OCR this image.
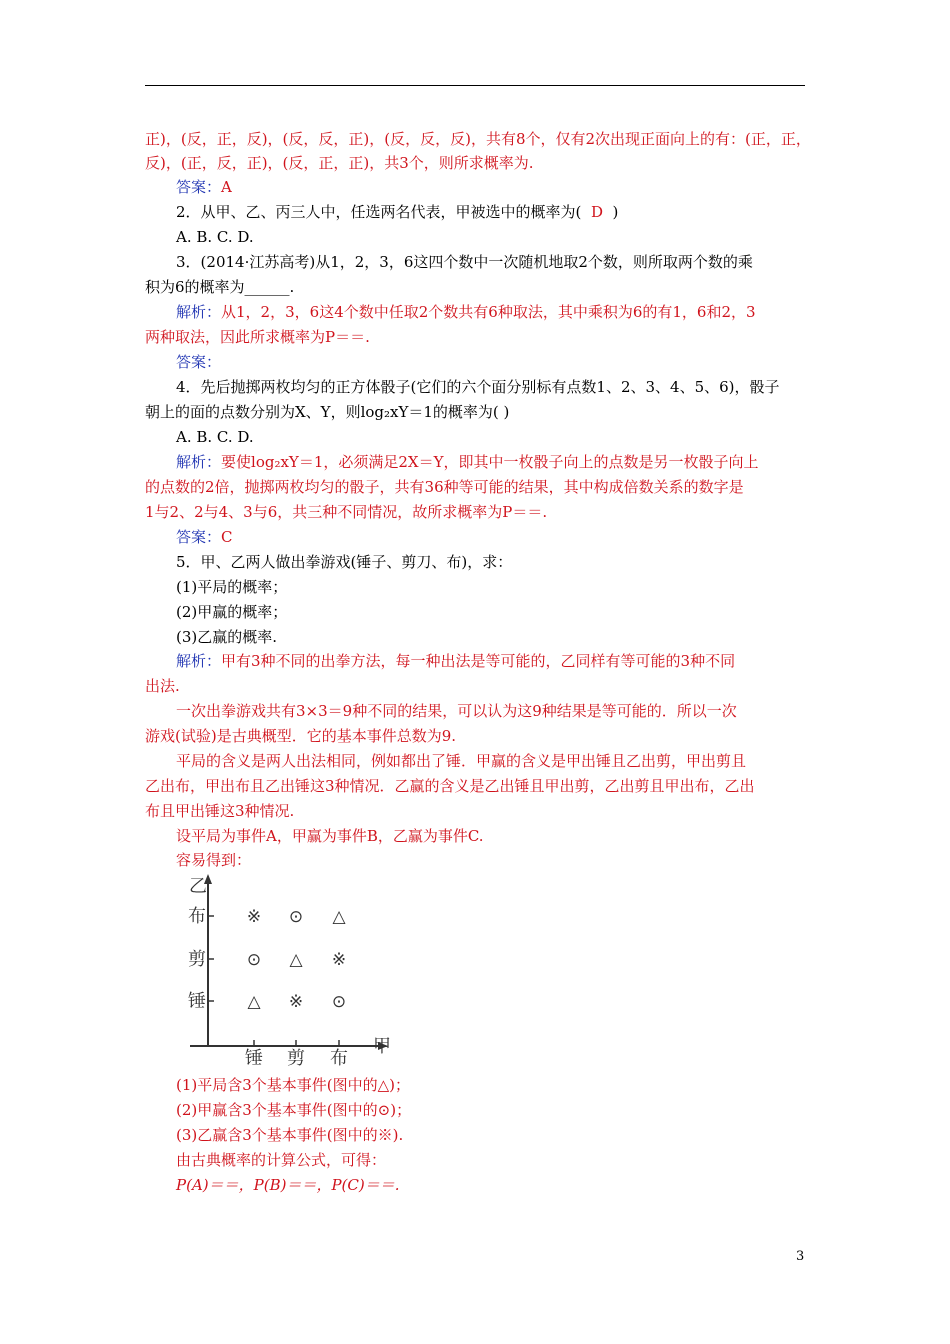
正)，(反，正，反)，(反，反，正)，(反，反，反)，共有8个，仅有2次出现正面向上的有：(正，正，
反)，(正，反，正)，(反，正，正)，共3个，则所求概率为.
答案：A
2．从甲、乙、丙三人中，任选两名代表，甲被选中的概率为( D )
A. B. C. D.
3．(2014·江苏高考)从1，2，3，6这四个数中一次随机地取2个数，则所取两个数的乘
积为6的概率为______.
解析：从1，2，3，6这4个数中任取2个数共有6种取法，其中乘积为6的有1，6和2，3
两种取法，因此所求概率为P＝＝.
答案：
4．先后抛掷两枚均匀的正方体骰子(它们的六个面分别标有点数1、2、3、4、5、6)，骰子
朝上的面的点数分别为X、Y，则log₂xY＝1的概率为( )
A. B. C. D.
解析：要使log₂xY＝1，必须满足2X＝Y，即其中一枚骰子向上的点数是另一枚骰子向上
的点数的2倍，抛掷两枚均匀的骰子，共有36种等可能的结果，其中构成倍数关系的数字是
1与2、2与4、3与6，共三种不同情况，故所求概率为P＝＝.
答案：C
5．甲、乙两人做出拳游戏(锤子、剪刀、布)，求：
(1)平局的概率；
(2)甲赢的概率；
(3)乙赢的概率.
解析：甲有3种不同的出拳方法，每一种出法是等可能的，乙同样有等可能的3种不同
出法.
一次出拳游戏共有3×3＝9种不同的结果，可以认为这9种结果是等可能的．所以一次
游戏(试验)是古典概型．它的基本事件总数为9.
平局的含义是两人出法相同，例如都出了锤．甲赢的含义是甲出锤且乙出剪，甲出剪且
乙出布，甲出布且乙出锤这3种情况．乙赢的含义是乙出锤且甲出剪，乙出剪且甲出布，乙出
布且甲出锤这3种情况.
设平局为事件A，甲赢为事件B，乙赢为事件C.
容易得到：
乙
甲
布
剪
锤
锤 剪 布
※ ⊙ △
⊙ △ ※
△ ※ ⊙
(1)平局含3个基本事件(图中的△)；
(2)甲赢含3个基本事件(图中的⊙)；
(3)乙赢含3个基本事件(图中的※).
由古典概率的计算公式，可得：
P(A)＝＝，P(B)＝＝，P(C)＝＝.
3
